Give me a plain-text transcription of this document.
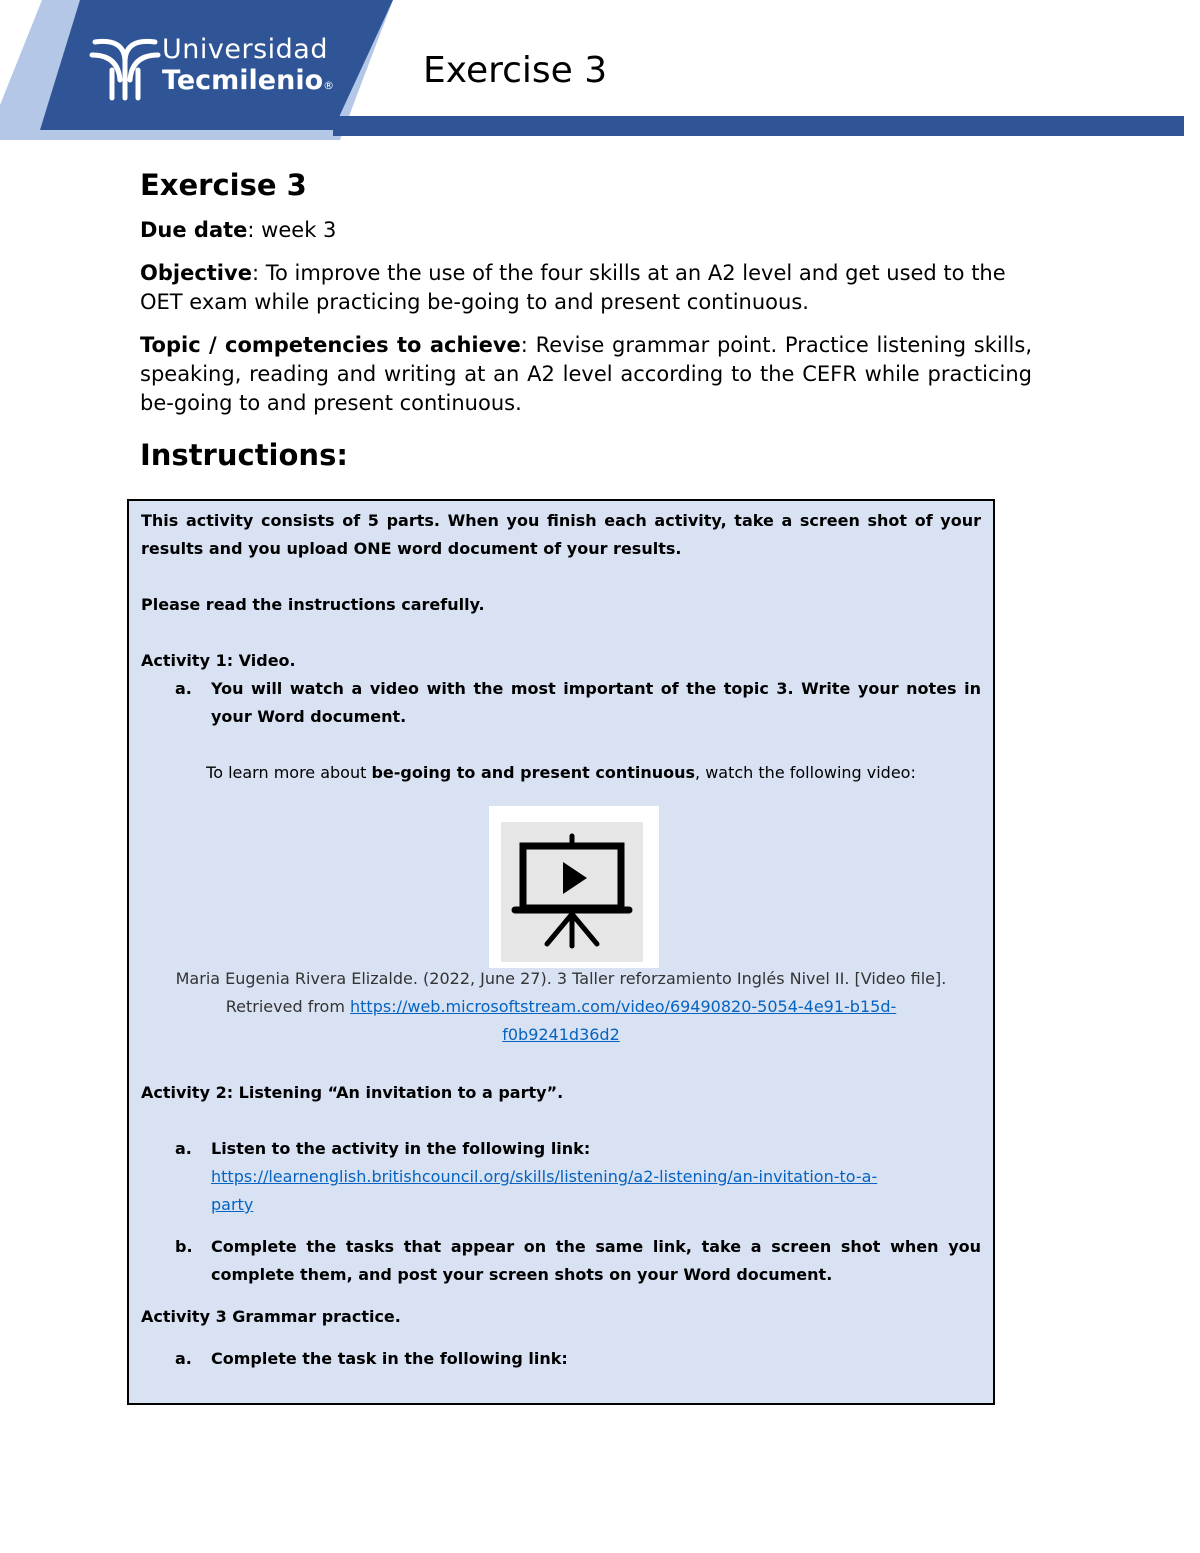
Universidad
Tecmilenio® Exercise 3
Exercise 3

Due date: week 3

Objective: To improve the use of the four skills at an A2 level and get used to the OET exam while practicing be-going to and present continuous.

Topic / competencies to achieve: Revise grammar point. Practice listening skills, speaking, reading and writing at an A2 level according to the CEFR while practicing be-going to and present continuous.

Instructions:
This activity consists of 5 parts. When you finish each activity, take a screen shot of your
results and you upload ONE word document of your results.
Please read the instructions carefully.
Activity 1: Video.
a. You will watch a video with the most important of the topic 3. Write your notes in
your Word document.
To learn more about be-going to and present continuous, watch the following video:
Maria Eugenia Rivera Elizalde. (2022, June 27). 3 Taller reforzamiento Inglés Nivel II. [Video file].
Retrieved from https://web.microsoftstream.com/video/69490820-5054-4e91-b15d-
f0b9241d36d2
Activity 2: Listening “An invitation to a party”.
a. Listen to the activity in the following link:
https://learnenglish.britishcouncil.org/skills/listening/a2-listening/an-invitation-to-a-
party
b. Complete the tasks that appear on the same link, take a screen shot when you
complete them, and post your screen shots on your Word document.
Activity 3 Grammar practice.
a. Complete the task in the following link:
